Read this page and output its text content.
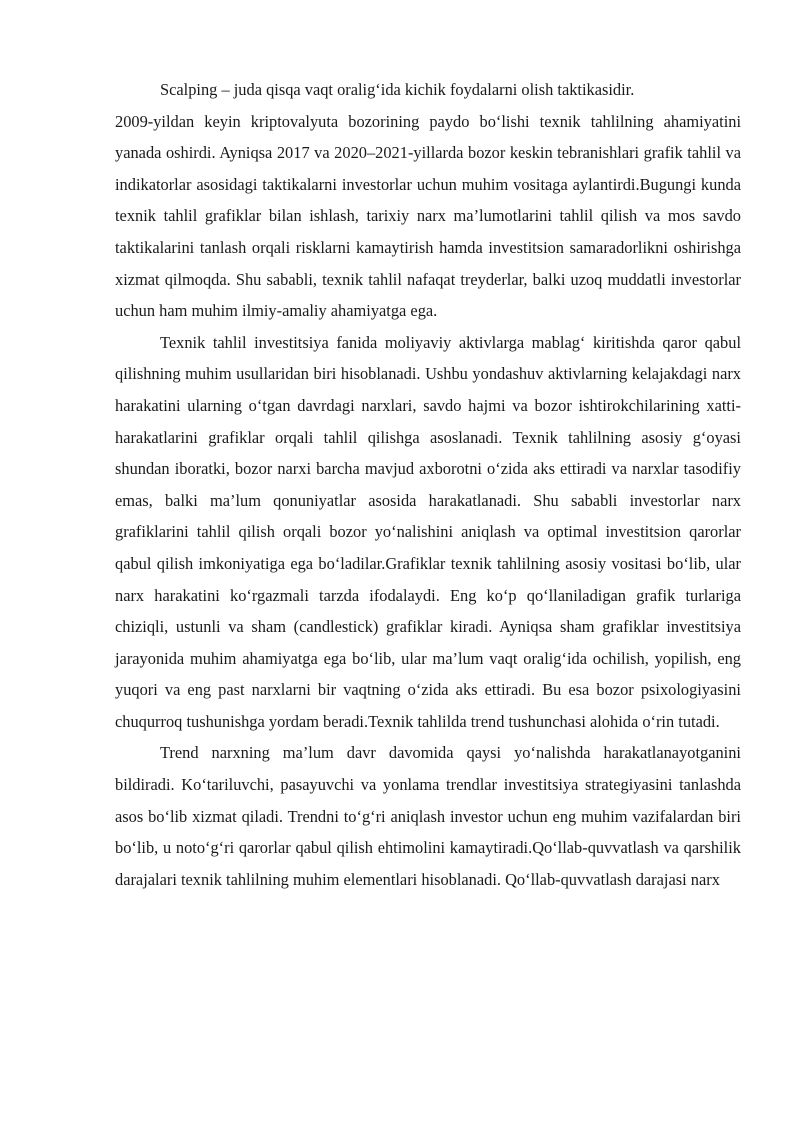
Scalping – juda qisqa vaqt oralig‘ida kichik foydalarni olish taktikasidir.

2009-yildan keyin kriptovalyuta bozorining paydo bo‘lishi texnik tahlilning ahamiyatini yanada oshirdi. Ayniqsa 2017 va 2020–2021-yillarda bozor keskin tebranishlari grafik tahlil va indikatorlar asosidagi taktikalarni investorlar uchun muhim vositaga aylantirdi.Bugungi kunda texnik tahlil grafiklar bilan ishlash, tarixiy narx ma’lumotlarini tahlil qilish va mos savdo taktikalarini tanlash orqali risklarni kamaytirish hamda investitsion samaradorlikni oshirishga xizmat qilmoqda. Shu sababli, texnik tahlil nafaqat treyderlar, balki uzoq muddatli investorlar uchun ham muhim ilmiy-amaliy ahamiyatga ega.

Texnik tahlil investitsiya fanida moliyaviy aktivlarga mablag‘ kiritishda qaror qabul qilishning muhim usullaridan biri hisoblanadi. Ushbu yondashuv aktivlarning kelajakdagi narx harakatini ularning o‘tgan davrdagi narxlari, savdo hajmi va bozor ishtirokchilarining xatti-harakatlarini grafiklar orqali tahlil qilishga asoslanadi. Texnik tahlilning asosiy g‘oyasi shundan iboratki, bozor narxi barcha mavjud axborotni o‘zida aks ettiradi va narxlar tasodifiy emas, balki ma’lum qonuniyatlar asosida harakatlanadi. Shu sababli investorlar narx grafiklarini tahlil qilish orqali bozor yo‘nalishini aniqlash va optimal investitsion qarorlar qabul qilish imkoniyatiga ega bo‘ladilar.Grafiklar texnik tahlilning asosiy vositasi bo‘lib, ular narx harakatini ko‘rgazmali tarzda ifodalaydi. Eng ko‘p qo‘llaniladigan grafik turlariga chiziqli, ustunli va sham (candlestick) grafiklar kiradi. Ayniqsa sham grafiklar investitsiya jarayonida muhim ahamiyatga ega bo‘lib, ular ma’lum vaqt oralig‘ida ochilish, yopilish, eng yuqori va eng past narxlarni bir vaqtning o‘zida aks ettiradi. Bu esa bozor psixologiyasini chuqurroq tushunishga yordam beradi.Texnik tahlilda trend tushunchasi alohida o‘rin tutadi.

Trend narxning ma’lum davr davomida qaysi yo‘nalishda harakatlanayotganini bildiradi. Ko‘tariluvchi, pasayuvchi va yonlama trendlar investitsiya strategiyasini tanlashda asos bo‘lib xizmat qiladi. Trendni to‘g‘ri aniqlash investor uchun eng muhim vazifalardan biri bo‘lib, u noto‘g‘ri qarorlar qabul qilish ehtimolini kamaytiradi.Qo‘llab-quvvatlash va qarshilik darajalari texnik tahlilning muhim elementlari hisoblanadi. Qo‘llab-quvvatlash darajasi narx
